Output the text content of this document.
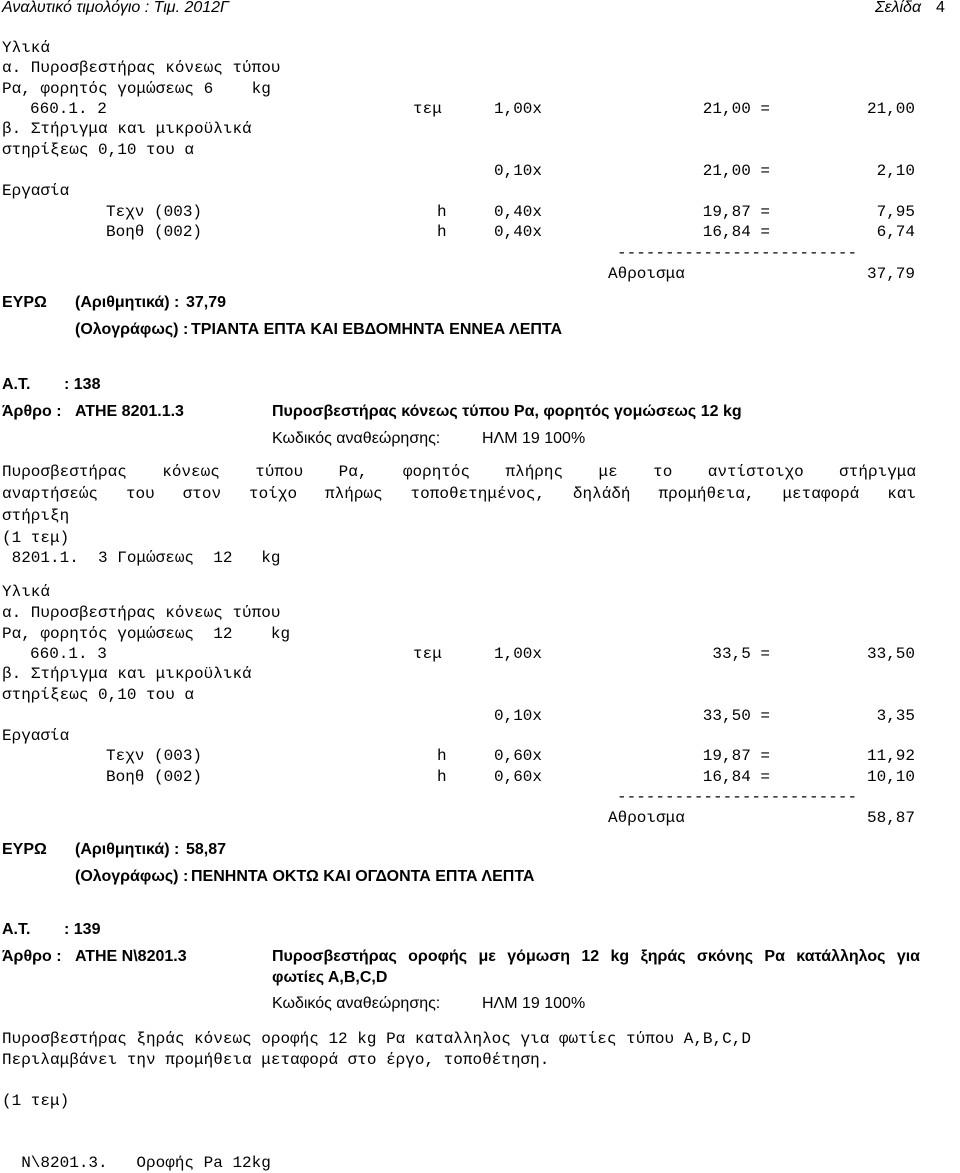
Αναλυτικό τιμολόγιο : Τιμ. 2012Γ	Σελίδα 4
Υλικά
α. Πυροσβεστήρας κόνεως τύπου
Ρα, φορητός γομώσεως 6    kg
660.1. 2	τεμ	1,00x	21,00 =	21,00
β. Στήριγμα και μικροϋλικά
στηρίξεως 0,10 του α
0,10x	21,00 =	2,10
Εργασία
Τεχν (003)	h	0,40x	19,87 =	7,95
Βοηθ (002)	h	0,40x	16,84 =	6,74
-------------------------
Αθροισμα	37,79
ΕΥΡΩ (Αριθμητικά) : 37,79
(Ολογράφως) : ΤΡΙΑΝΤΑ ΕΠΤΑ ΚΑΙ ΕΒΔΟΜΗΝΤΑ ΕΝΝΕΑ ΛΕΠΤΑ
Α.Τ. : 138
Άρθρο : ΑΤΗΕ 8201.1.3	Πυροσβεστήρας κόνεως τύπου Ρα, φορητός γομώσεως 12 kg
Κωδικός αναθεώρησης:	ΗΛΜ 19 100%
Πυροσβεστήρας κόνεως τύπου Ρα, φορητός πλήρης με το αντίστοιχο στήριγμα
αναρτήσεώς του στον τοίχο πλήρως τοποθετημένος, δηλάδή προμήθεια, μεταφορά και
στήριξη
(1 τεμ)
8201.1.  3 Γομώσεως  12   kg
Υλικά
α. Πυροσβεστήρας κόνεως τύπου
Ρα, φορητός γομώσεως  12    kg
660.1. 3	τεμ	1,00x	33,5 =	33,50
β. Στήριγμα και μικροϋλικά
στηρίξεως 0,10 του α
0,10x	33,50 =	3,35
Εργασία
Τεχν (003)	h	0,60x	19,87 =	11,92
Βοηθ (002)	h	0,60x	16,84 =	10,10
-------------------------
Αθροισμα	58,87
ΕΥΡΩ (Αριθμητικά) : 58,87
(Ολογράφως) : ΠΕΝΗΝΤΑ ΟΚΤΩ ΚΑΙ ΟΓΔΟΝΤΑ ΕΠΤΑ ΛΕΠΤΑ
Α.Τ. : 139
Άρθρο : ΑΤΗΕ Ν\8201.3	Πυροσβεστήρας οροφής με γόμωση 12 kg ξηράς σκόνης Ρα κατάλληλος για
φωτίες Α,Β,C,D
Κωδικός αναθεώρησης:	ΗΛΜ 19 100%
Πυροσβεστήρας ξηράς κόνεως οροφής 12 kg Ρα καταλληλος για φωτίες τύπου A,B,C,D
Περιλαμβάνει την προμήθεια μεταφορά στο έργο, τοποθέτηση.
(1 τεμ)
N\8201.3.   Οροφής Pa 12kg
